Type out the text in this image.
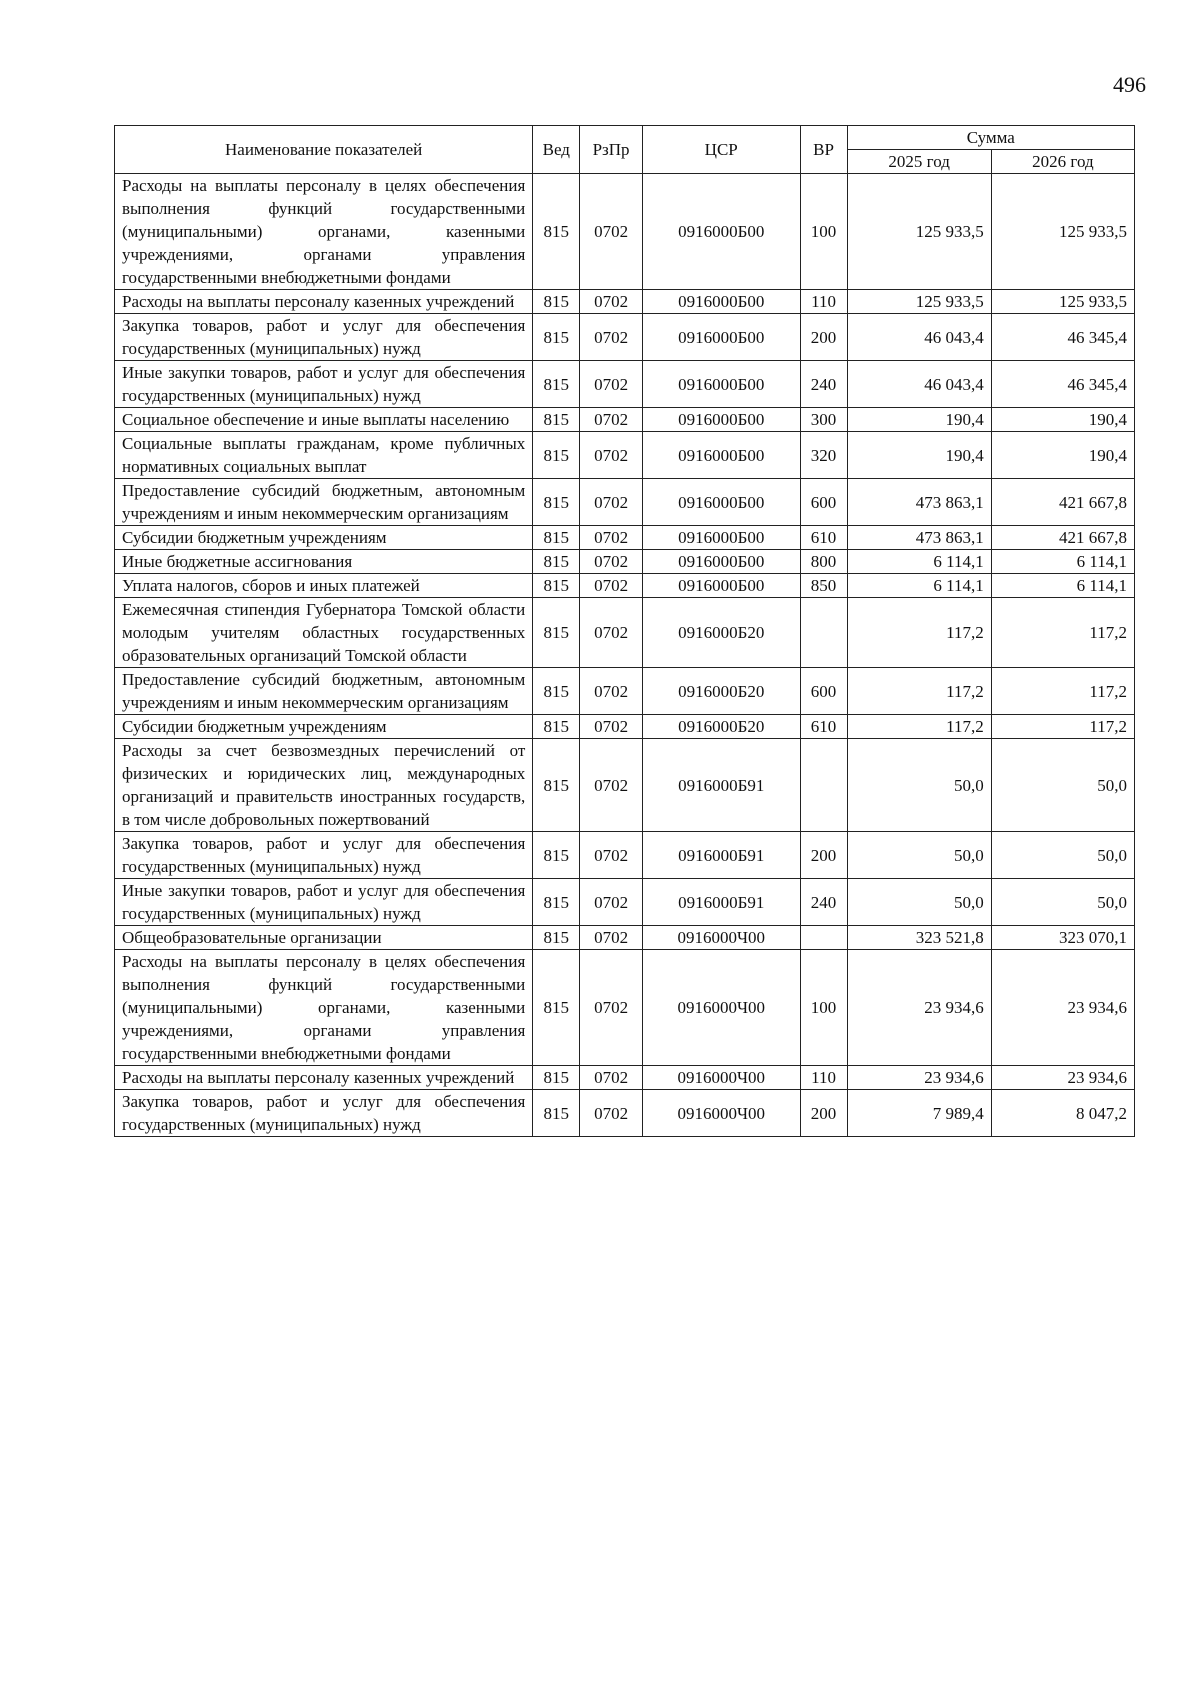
496
Наименование показателей	Вед	РзПр	ЦСР	ВР	Сумма	
					2025 год	2026 год
Расходы на выплаты персоналу в целях обеспечения выполнения функций государственными (муниципальными) органами, казенными учреждениями, органами управления государственными внебюджетными фондами	815	0702	0916000Б00	100	125 933,5	125 933,5
Расходы на выплаты персоналу казенных учреждений	815	0702	0916000Б00	110	125 933,5	125 933,5
Закупка товаров, работ и услуг для обеспечения государственных (муниципальных) нужд	815	0702	0916000Б00	200	46 043,4	46 345,4
Иные закупки товаров, работ и услуг для обеспечения государственных (муниципальных) нужд	815	0702	0916000Б00	240	46 043,4	46 345,4
Социальное обеспечение и иные выплаты населению	815	0702	0916000Б00	300	190,4	190,4
Социальные выплаты гражданам, кроме публичных нормативных социальных выплат	815	0702	0916000Б00	320	190,4	190,4
Предоставление субсидий бюджетным, автономным учреждениям и иным некоммерческим организациям	815	0702	0916000Б00	600	473 863,1	421 667,8
Субсидии бюджетным учреждениям	815	0702	0916000Б00	610	473 863,1	421 667,8
Иные бюджетные ассигнования	815	0702	0916000Б00	800	6 114,1	6 114,1
Уплата налогов, сборов и иных платежей	815	0702	0916000Б00	850	6 114,1	6 114,1
Ежемесячная стипендия Губернатора Томской области молодым учителям областных государственных образовательных организаций Томской области	815	0702	0916000Б20		117,2	117,2
Предоставление субсидий бюджетным, автономным учреждениям и иным некоммерческим организациям	815	0702	0916000Б20	600	117,2	117,2
Субсидии бюджетным учреждениям	815	0702	0916000Б20	610	117,2	117,2
Расходы за счет безвозмездных перечислений от физических и юридических лиц, международных организаций и правительств иностранных государств, в том числе добровольных пожертвований	815	0702	0916000Б91		50,0	50,0
Закупка товаров, работ и услуг для обеспечения государственных (муниципальных) нужд	815	0702	0916000Б91	200	50,0	50,0
Иные закупки товаров, работ и услуг для обеспечения государственных (муниципальных) нужд	815	0702	0916000Б91	240	50,0	50,0
Общеобразовательные организации	815	0702	0916000Ч00		323 521,8	323 070,1
Расходы на выплаты персоналу в целях обеспечения выполнения функций государственными (муниципальными) органами, казенными учреждениями, органами управления государственными внебюджетными фондами	815	0702	0916000Ч00	100	23 934,6	23 934,6
Расходы на выплаты персоналу казенных учреждений	815	0702	0916000Ч00	110	23 934,6	23 934,6
Закупка товаров, работ и услуг для обеспечения государственных (муниципальных) нужд	815	0702	0916000Ч00	200	7 989,4	8 047,2
